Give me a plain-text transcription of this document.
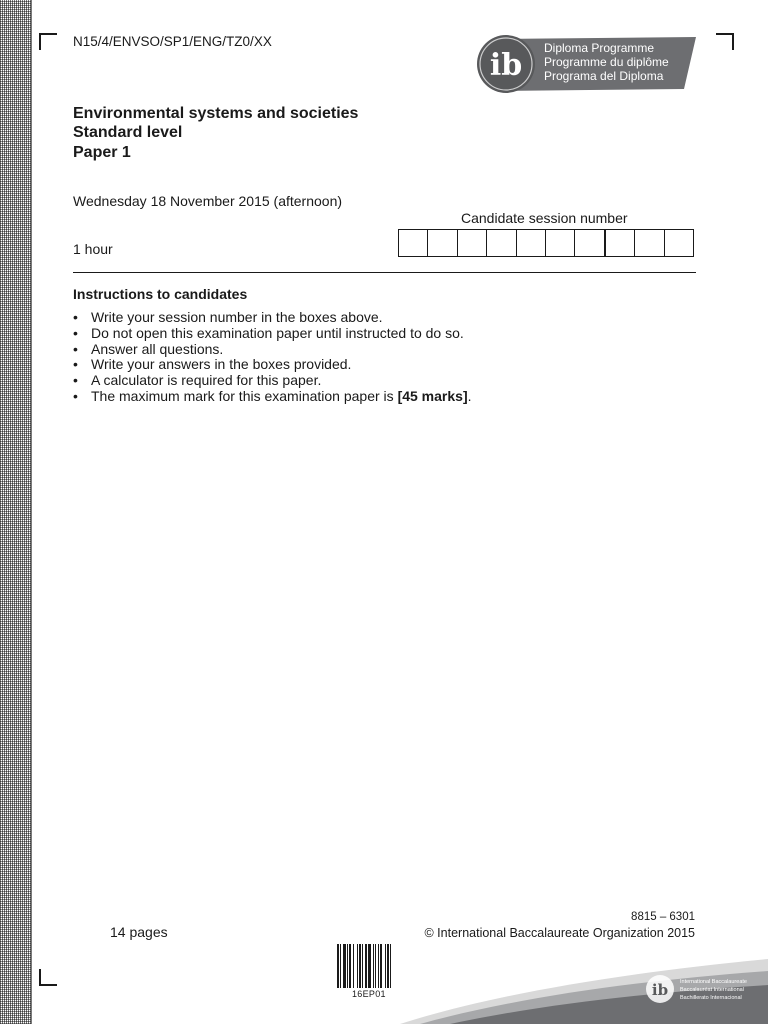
N15/4/ENVSO/SP1/ENG/TZ0/XX
ib Diploma Programme
Programme du diplôme
Programa del Diploma
Environmental systems and societies
Standard level
Paper 1
Wednesday 18 November 2015 (afternoon)
Candidate session number
1 hour
Instructions to candidates
• Write your session number in the boxes above.
• Do not open this examination paper until instructed to do so.
• Answer all questions.
• Write your answers in the boxes provided.
• A calculator is required for this paper.
• The maximum mark for this examination paper is [45 marks].
14 pages
8815 – 6301
© International Baccalaureate Organization 2015
16EP01	ib International Baccalaureate
Baccalauréat International
Bachillerato Internacional
